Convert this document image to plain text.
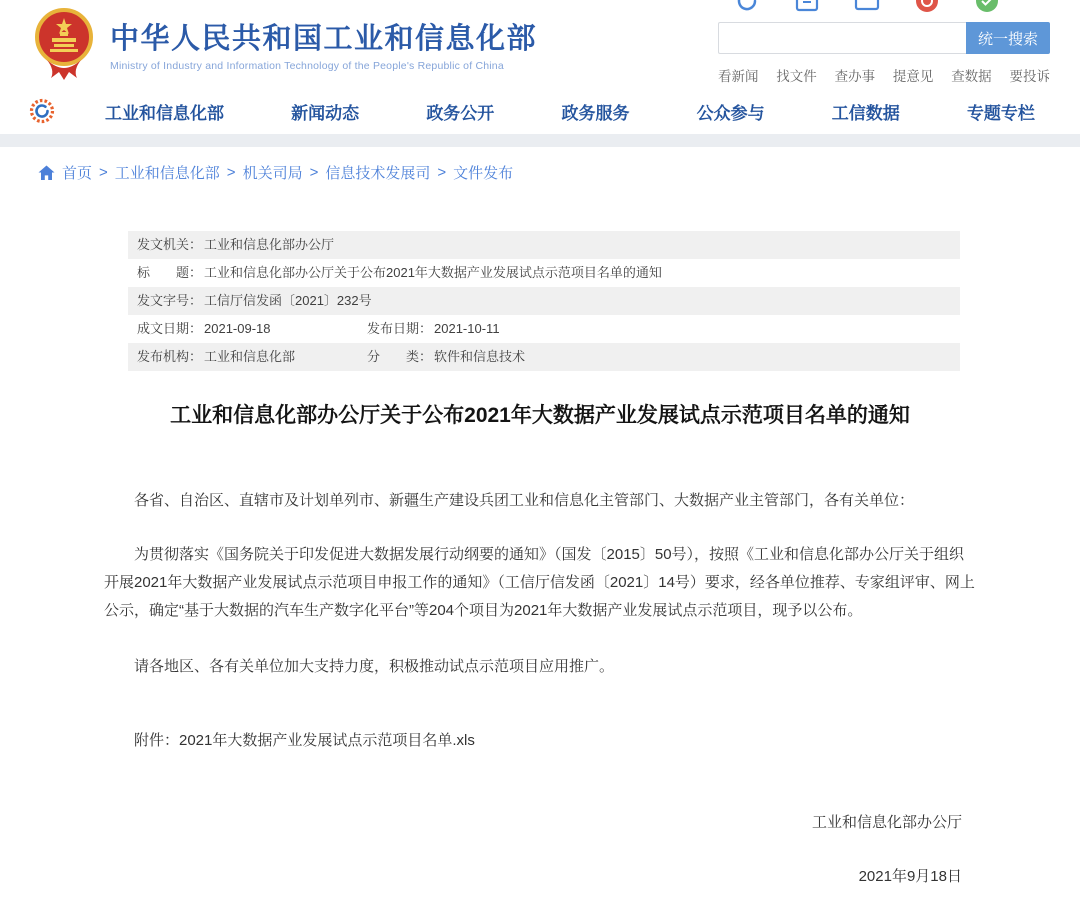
中华人民共和国工业和信息化部
Ministry of Industry and Information Technology of the People's Republic of China
统一搜索
看新闻 找文件 查办事 提意见 查数据 要投诉
工业和信息化部	新闻动态	政务公开	政务服务	公众参与	工信数据	专题专栏
首页 > 工业和信息化部 > 机关司局 > 信息技术发展司 > 文件发布
发文机关： 工业和信息化部办公厅
标　　题： 工业和信息化部办公厅关于公布2021年大数据产业发展试点示范项目名单的通知
发文字号： 工信厅信发函〔2021〕232号
成文日期： 2021-09-18	发布日期： 2021-10-11
发布机构： 工业和信息化部	分　　类： 软件和信息技术
工业和信息化部办公厅关于公布2021年大数据产业发展试点示范项目名单的通知

各省、自治区、直辖市及计划单列市、新疆生产建设兵团工业和信息化主管部门、大数据产业主管部门，各有关单位：

为贯彻落实《国务院关于印发促进大数据发展行动纲要的通知》（国发〔2015〕50号），按照《工业和信息化部办公厅关于组织开展2021年大数据产业发展试点示范项目申报工作的通知》（工信厅信发函〔2021〕14号）要求，经各单位推荐、专家组评审、网上公示，确定“基于大数据的汽车生产数字化平台”等204个项目为2021年大数据产业发展试点示范项目，现予以公布。

请各地区、各有关单位加大支持力度，积极推动试点示范项目应用推广。

附件：2021年大数据产业发展试点示范项目名单.xls

工业和信息化部办公厅
2021年9月18日
